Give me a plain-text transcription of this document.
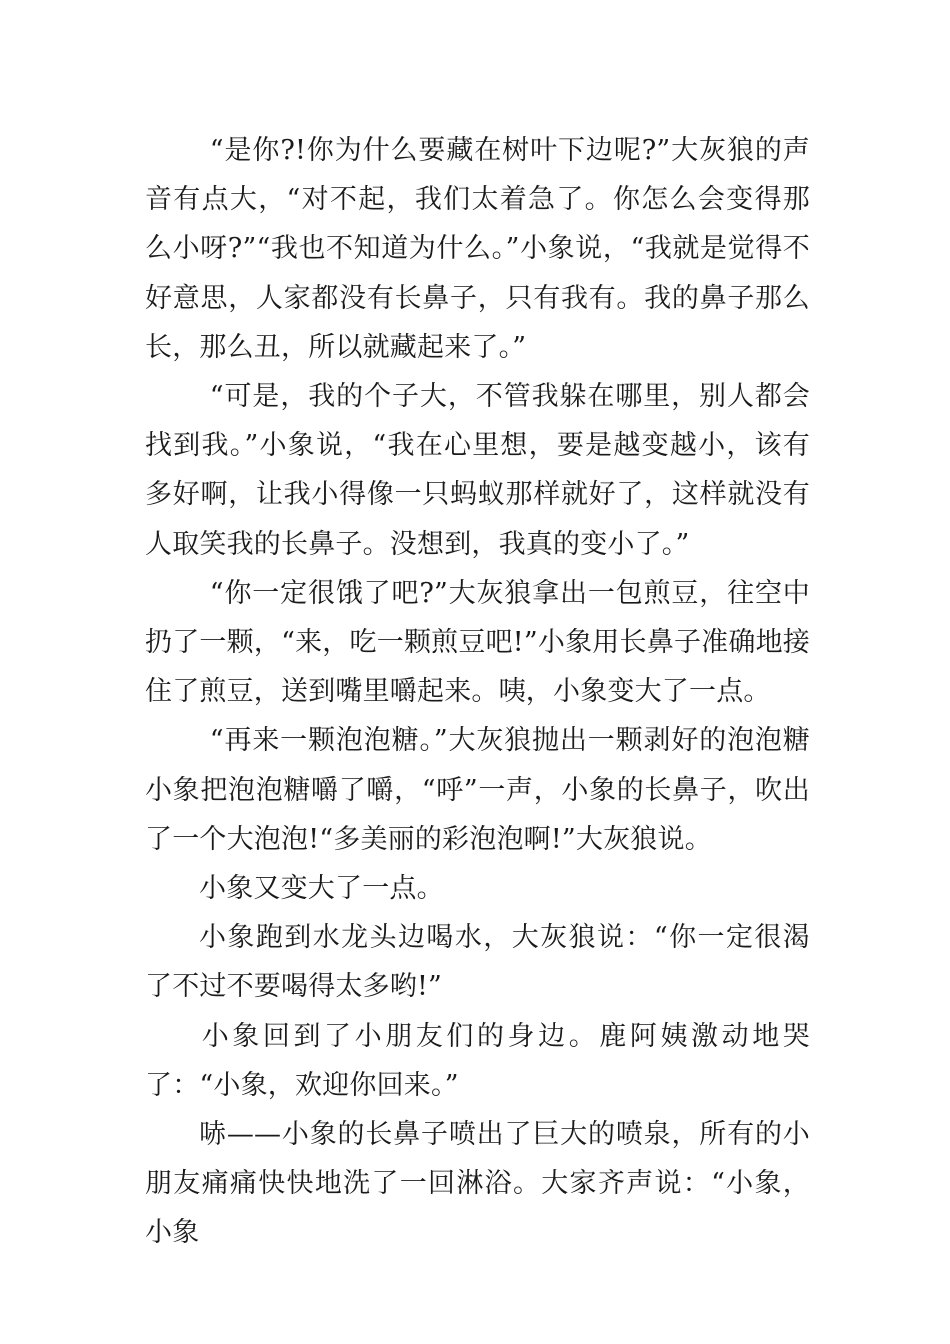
“是你?!你为什么要藏在树叶下边呢?”大灰狼的声音有点大，“对不起，我们太着急了。你怎么会变得那么小呀?”“我也不知道为什么。”小象说，“我就是觉得不好意思，人家都没有长鼻子，只有我有。我的鼻子那么长，那么丑，所以就藏起来了。”

“可是，我的个子大，不管我躲在哪里，别人都会找到我。”小象说，“我在心里想，要是越变越小，该有多好啊，让我小得像一只蚂蚁那样就好了，这样就没有人取笑我的长鼻子。没想到，我真的变小了。”

“你一定很饿了吧?”大灰狼拿出一包煎豆，往空中扔了一颗，“来，吃一颗煎豆吧!”小象用长鼻子准确地接住了煎豆，送到嘴里嚼起来。咦，小象变大了一点。

“再来一颗泡泡糖。”大灰狼抛出一颗剥好的泡泡糖小象把泡泡糖嚼了嚼，“呼”一声，小象的长鼻子，吹出了一个大泡泡!“多美丽的彩泡泡啊!”大灰狼说。

小象又变大了一点。

小象跑到水龙头边喝水，大灰狼说：“你一定很渴了不过不要喝得太多哟!”

小象回到了小朋友们的身边。鹿阿姨激动地哭了：“小象，欢迎你回来。”

哧——小象的长鼻子喷出了巨大的喷泉，所有的小朋友痛痛快快地洗了一回淋浴。大家齐声说：“小象，小象
